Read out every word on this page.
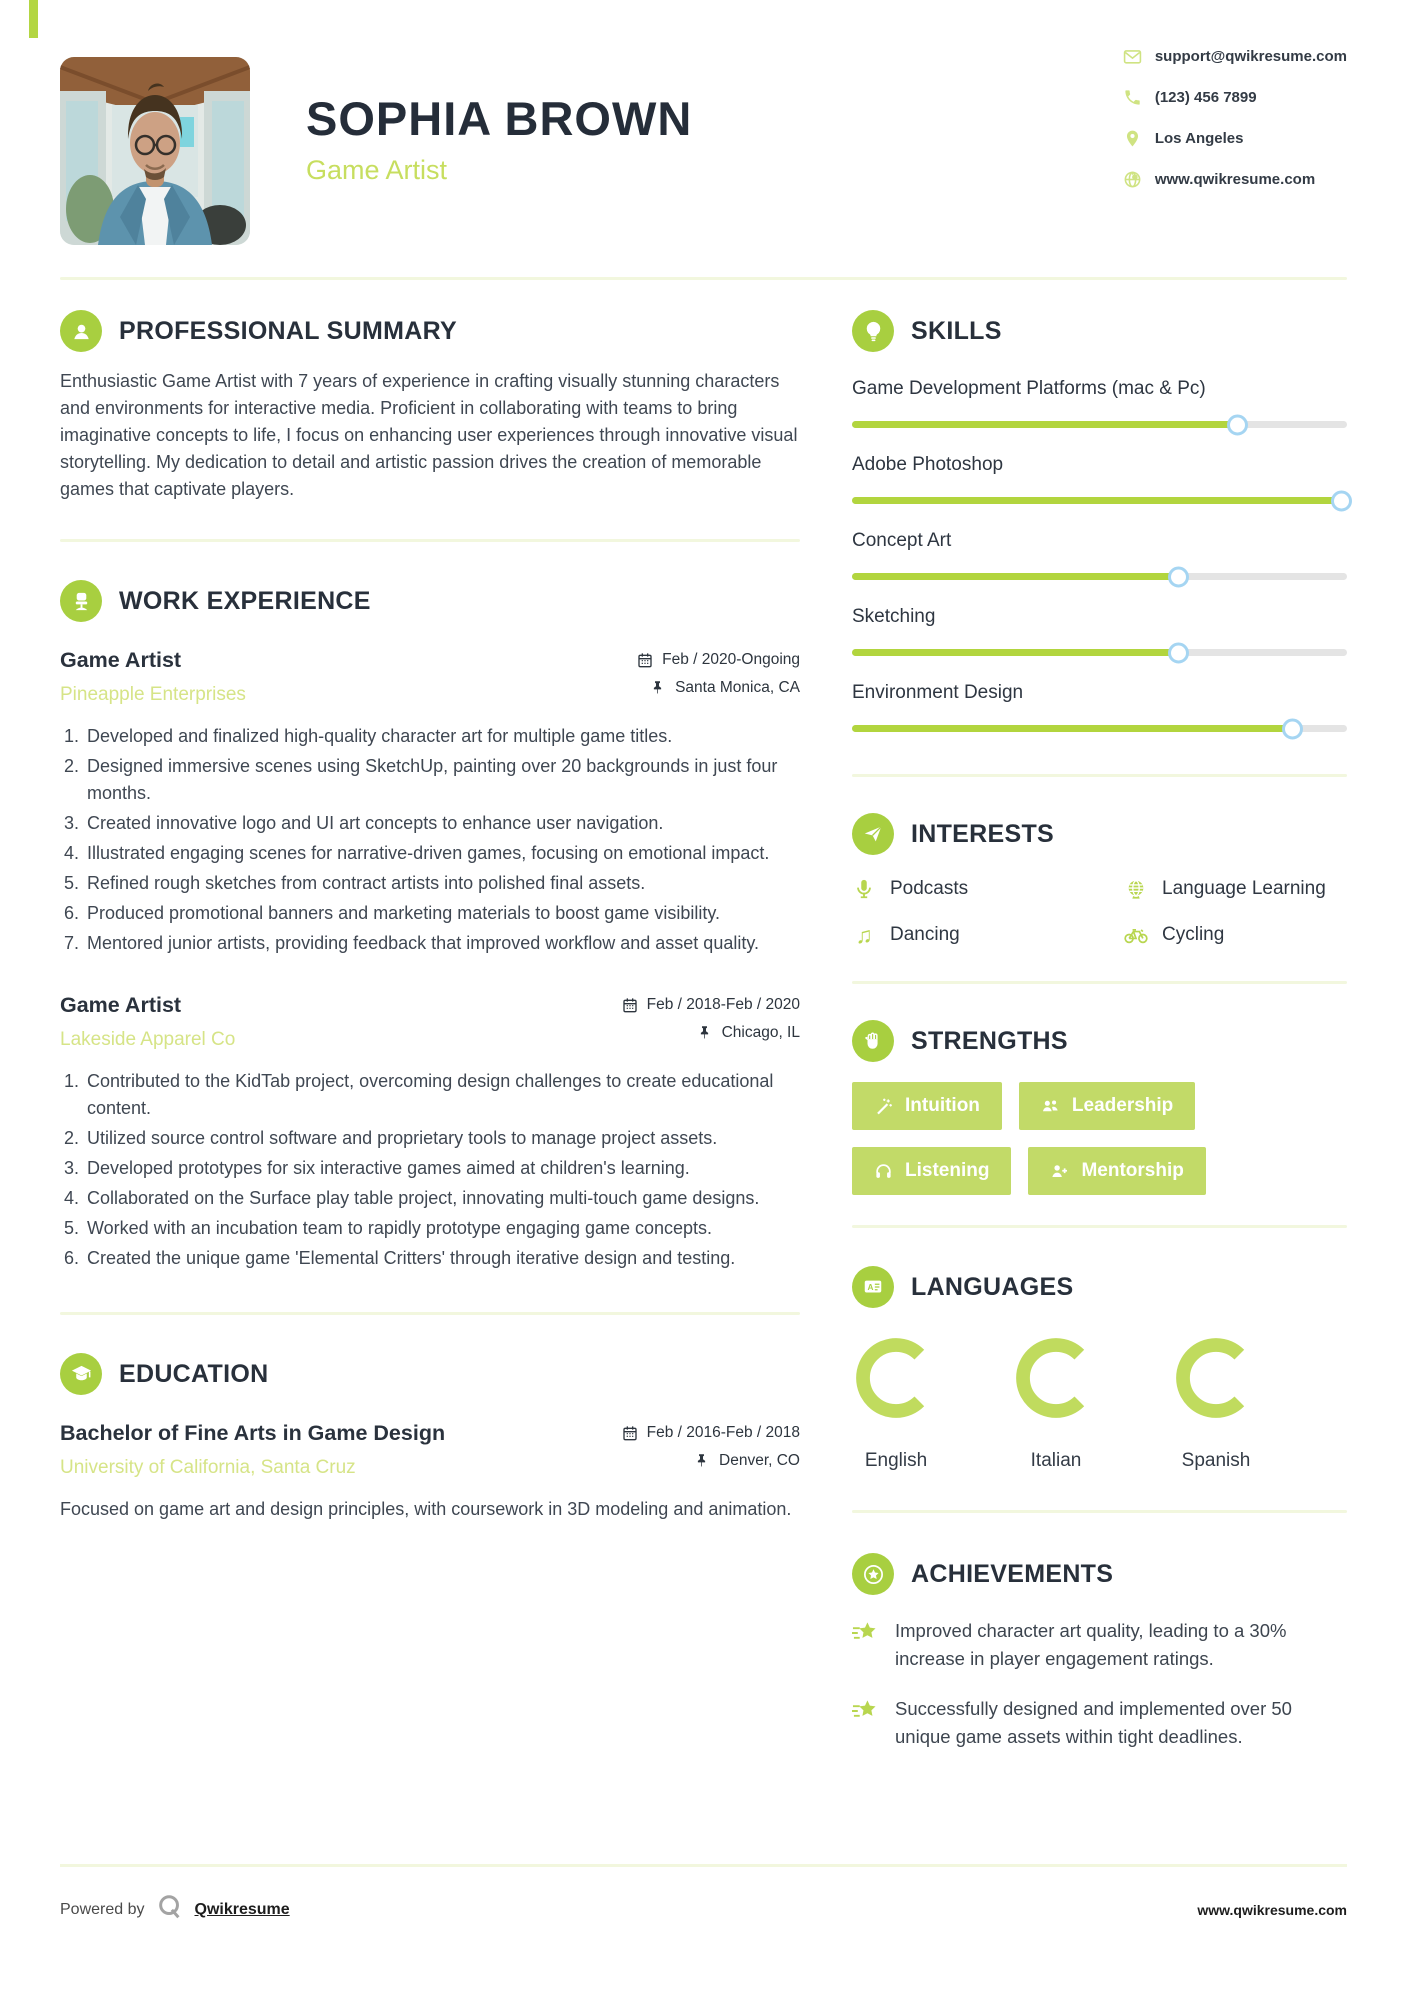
SOPHIA BROWN
Game Artist
support@qwikresume.com
(123) 456 7899
Los Angeles
www.qwikresume.com
PROFESSIONAL SUMMARY

Enthusiastic Game Artist with 7 years of experience in crafting visually stunning characters and environments for interactive media. Proficient in collaborating with teams to bring imaginative concepts to life, I focus on enhancing user experiences through innovative visual storytelling. My dedication to detail and artistic passion drives the creation of memorable games that captivate players.

WORK EXPERIENCE
Game Artist
Pineapple Enterprises
Feb / 2020-Ongoing
Santa Monica, CA
1. Developed and finalized high-quality character art for multiple game titles.
2. Designed immersive scenes using SketchUp, painting over 20 backgrounds in just four months.
3. Created innovative logo and UI art concepts to enhance user navigation.
4. Illustrated engaging scenes for narrative-driven games, focusing on emotional impact.
5. Refined rough sketches from contract artists into polished final assets.
6. Produced promotional banners and marketing materials to boost game visibility.
7. Mentored junior artists, providing feedback that improved workflow and asset quality.
Game Artist
Lakeside Apparel Co
Feb / 2018-Feb / 2020
Chicago, IL
1. Contributed to the KidTab project, overcoming design challenges to create educational content.
2. Utilized source control software and proprietary tools to manage project assets.
3. Developed prototypes for six interactive games aimed at children's learning.
4. Collaborated on the Surface play table project, innovating multi-touch game designs.
5. Worked with an incubation team to rapidly prototype engaging game concepts.
6. Created the unique game 'Elemental Critters' through iterative design and testing.
EDUCATION
Bachelor of Fine Arts in Game Design
University of California, Santa Cruz
Feb / 2016-Feb / 2018
Denver, CO

Focused on game art and design principles, with coursework in 3D modeling and animation.

SKILLS
Game Development Platforms (mac & Pc)
Adobe Photoshop
Concept Art
Sketching
Environment Design
INTERESTS
Podcasts	Language Learning
♫ Dancing	Cycling
STRENGTHS
Intuition	Leadership
Listening	Mentorship
A LANGUAGES
English	Italian	Spanish
ACHIEVEMENTS
Improved character art quality, leading to a 30% increase in player engagement ratings.
Successfully designed and implemented over 50 unique game assets within tight deadlines.
Powered by	Qwikresume	www.qwikresume.com
